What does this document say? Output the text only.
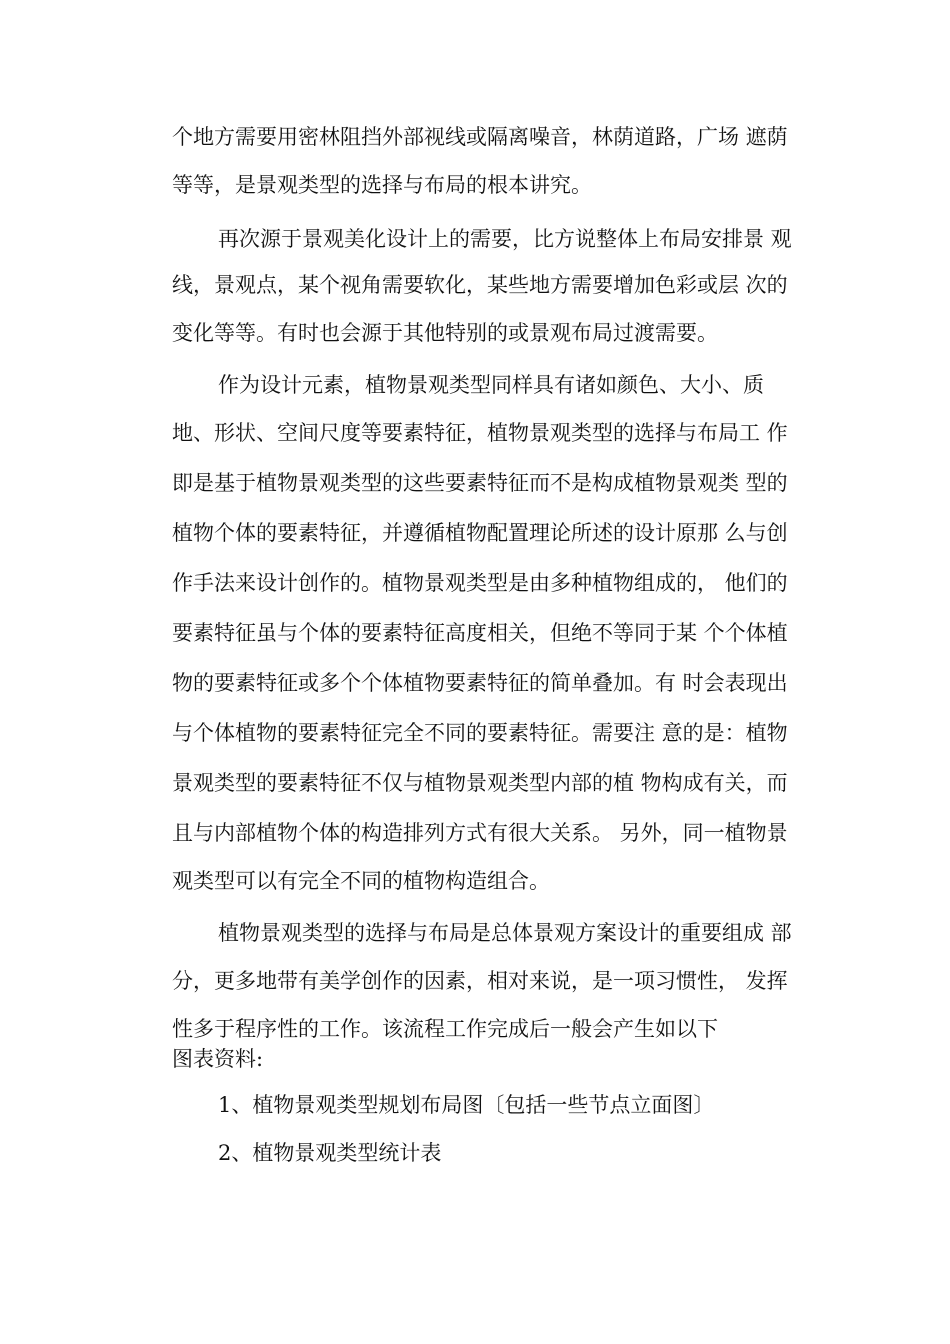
个地方需要用密林阻挡外部视线或隔离噪音，林荫道路，广场 遮荫
等等，是景观类型的选择与布局的根本讲究。
再次源于景观美化设计上的需要，比方说整体上布局安排景 观
线，景观点，某个视角需要软化，某些地方需要增加色彩或层 次的
变化等等。有时也会源于其他特别的或景观布局过渡需要。
作为设计元素，植物景观类型同样具有诸如颜色、大小、质
地、形状、空间尺度等要素特征，植物景观类型的选择与布局工 作
即是基于植物景观类型的这些要素特征而不是构成植物景观类 型的
植物个体的要素特征，并遵循植物配置理论所述的设计原那 么与创
作手法来设计创作的。植物景观类型是由多种植物组成的， 他们的
要素特征虽与个体的要素特征高度相关，但绝不等同于某 个个体植
物的要素特征或多个个体植物要素特征的简单叠加。有 时会表现出
与个体植物的要素特征完全不同的要素特征。需要注 意的是：植物
景观类型的要素特征不仅与植物景观类型内部的植 物构成有关，而
且与内部植物个体的构造排列方式有很大关系。 另外，同一植物景
观类型可以有完全不同的植物构造组合。
植物景观类型的选择与布局是总体景观方案设计的重要组成 部
分，更多地带有美学创作的因素，相对来说，是一项习惯性， 发挥
性多于程序性的工作。该流程工作完成后一般会产生如以下
图表资料:
1、植物景观类型规划布局图〔包括一些节点立面图〕
2、植物景观类型统计表
